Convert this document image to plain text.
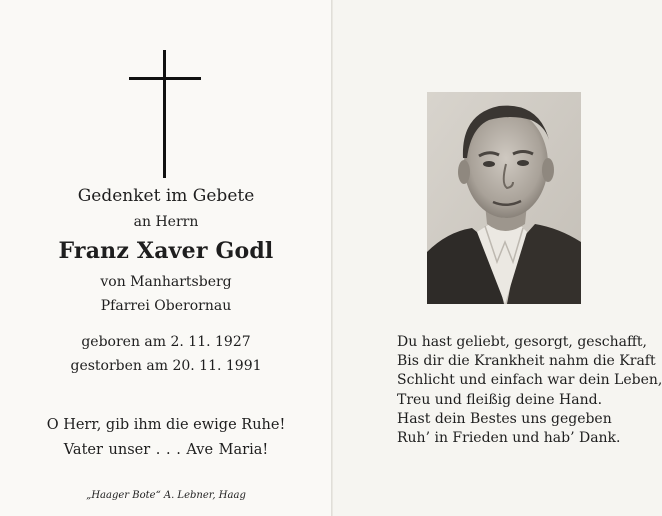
Gedenket im Gebete
an Herrn
Franz Xaver Godl
von Manhartsberg
Pfarrei Oberornau
geboren am 2. 11. 1927
gestorben am 20. 11. 1991
O Herr, gib ihm die ewige Ruhe!
Vater unser . . . Ave Maria!
„Haager Bote“ A. Lebner, Haag
Du hast geliebt, gesorgt, geschafft,
Bis dir die Krankheit nahm die Kraft
Schlicht und einfach war dein Leben,
Treu und fleißig deine Hand.
Hast dein Bestes uns gegeben
Ruh’ in Frieden und hab’ Dank.
